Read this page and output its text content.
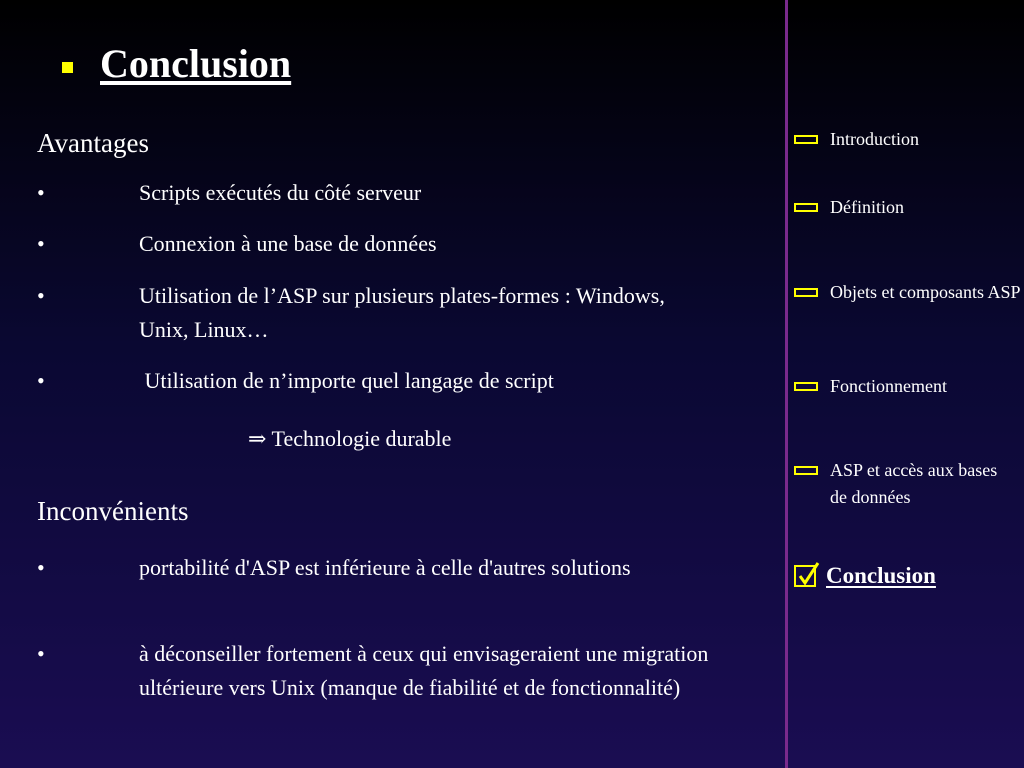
Conclusion
Avantages
•	Scripts exécutés du côté serveur
•	Connexion à une base de données
•	Utilisation de l’ASP sur plusieurs plates-formes : Windows, Unix, Linux…
•	Utilisation de n’importe quel langage de script
⇒ Technologie durable
Inconvénients
•	portabilité d'ASP est inférieure à celle d'autres solutions
•	à déconseiller fortement à ceux qui envisageraient une migration ultérieure vers Unix (manque de fiabilité et de fonctionnalité)
Introduction
Définition
Objets et composants ASP
Fonctionnement
ASP et accès aux bases de données
Conclusion
